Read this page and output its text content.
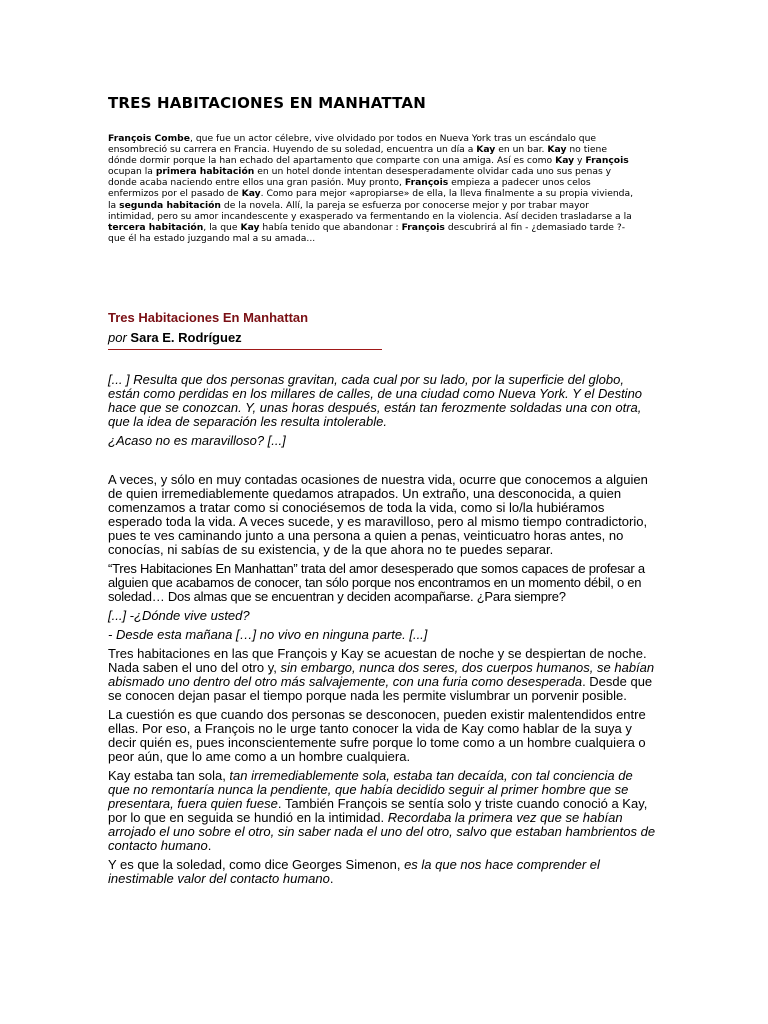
TRES HABITACIONES EN MANHATTAN

François Combe, que fue un actor célebre, vive olvidado por todos en Nueva York tras un escándalo que ensombreció su carrera en Francia. Huyendo de su soledad, encuentra un día a Kay en un bar. Kay no tiene dónde dormir porque la han echado del apartamento que comparte con una amiga. Así es como Kay y François ocupan la primera habitación en un hotel donde intentan desesperadamente olvidar cada uno sus penas y donde acaba naciendo entre ellos una gran pasión. Muy pronto, François empieza a padecer unos celos enfermizos por el pasado de Kay. Como para mejor «apropiarse» de ella, la lleva finalmente a su propia vivienda, la segunda habitación de la novela. Allí, la pareja se esfuerza por conocerse mejor y por trabar mayor intimidad, pero su amor incandescente y exasperado va fermentando en la violencia. Así deciden trasladarse a la tercera habitación, la que Kay había tenido que abandonar : François descubrirá al fin - ¿demasiado tarde ?- que él ha estado juzgando mal a su amada...

Tres Habitaciones En Manhattan

por Sara E. Rodríguez

[... ] Resulta que dos personas gravitan, cada cual por su lado, por la superficie del globo, están como perdidas en los millares de calles, de una ciudad como Nueva York. Y el Destino hace que se conozcan. Y, unas horas después, están tan ferozmente soldadas una con otra, que la idea de separación les resulta intolerable.

¿Acaso no es maravilloso? [...]

A veces, y sólo en muy contadas ocasiones de nuestra vida, ocurre que conocemos a alguien de quien irremediablemente quedamos atrapados. Un extraño, una desconocida, a quien comenzamos a tratar como si conociésemos de toda la vida, como si lo/la hubiéramos esperado toda la vida. A veces sucede, y es maravilloso, pero al mismo tiempo contradictorio, pues te ves caminando junto a una persona a quien a penas, veinticuatro horas antes, no conocías, ni sabías de su existencia, y de la que ahora no te puedes separar.

“Tres Habitaciones En Manhattan” trata del amor desesperado que somos capaces de profesar a alguien que acabamos de conocer, tan sólo porque nos encontramos en un momento débil, o en soledad… Dos almas que se encuentran y deciden acompañarse. ¿Para siempre?

[...] -¿Dónde vive usted?

- Desde esta mañana […] no vivo en ninguna parte. [...]

Tres habitaciones en las que François y Kay se acuestan de noche y se despiertan de noche. Nada saben el uno del otro y, sin embargo, nunca dos seres, dos cuerpos humanos, se habían abismado uno dentro del otro más salvajemente, con una furia como desesperada. Desde que se conocen dejan pasar el tiempo porque nada les permite vislumbrar un porvenir posible.

La cuestión es que cuando dos personas se desconocen, pueden existir malentendidos entre ellas. Por eso, a François no le urge tanto conocer la vida de Kay como hablar de la suya y decir quién es, pues inconscientemente sufre porque lo tome como a un hombre cualquiera o peor aún, que lo ame como a un hombre cualquiera.

Kay estaba tan sola, tan irremediablemente sola, estaba tan decaída, con tal conciencia de que no remontaría nunca la pendiente, que había decidido seguir al primer hombre que se presentara, fuera quien fuese. También François se sentía solo y triste cuando conoció a Kay, por lo que en seguida se hundió en la intimidad. Recordaba la primera vez que se habían arrojado el uno sobre el otro, sin saber nada el uno del otro, salvo que estaban hambrientos de contacto humano.

Y es que la soledad, como dice Georges Simenon, es la que nos hace comprender el inestimable valor del contacto humano.
